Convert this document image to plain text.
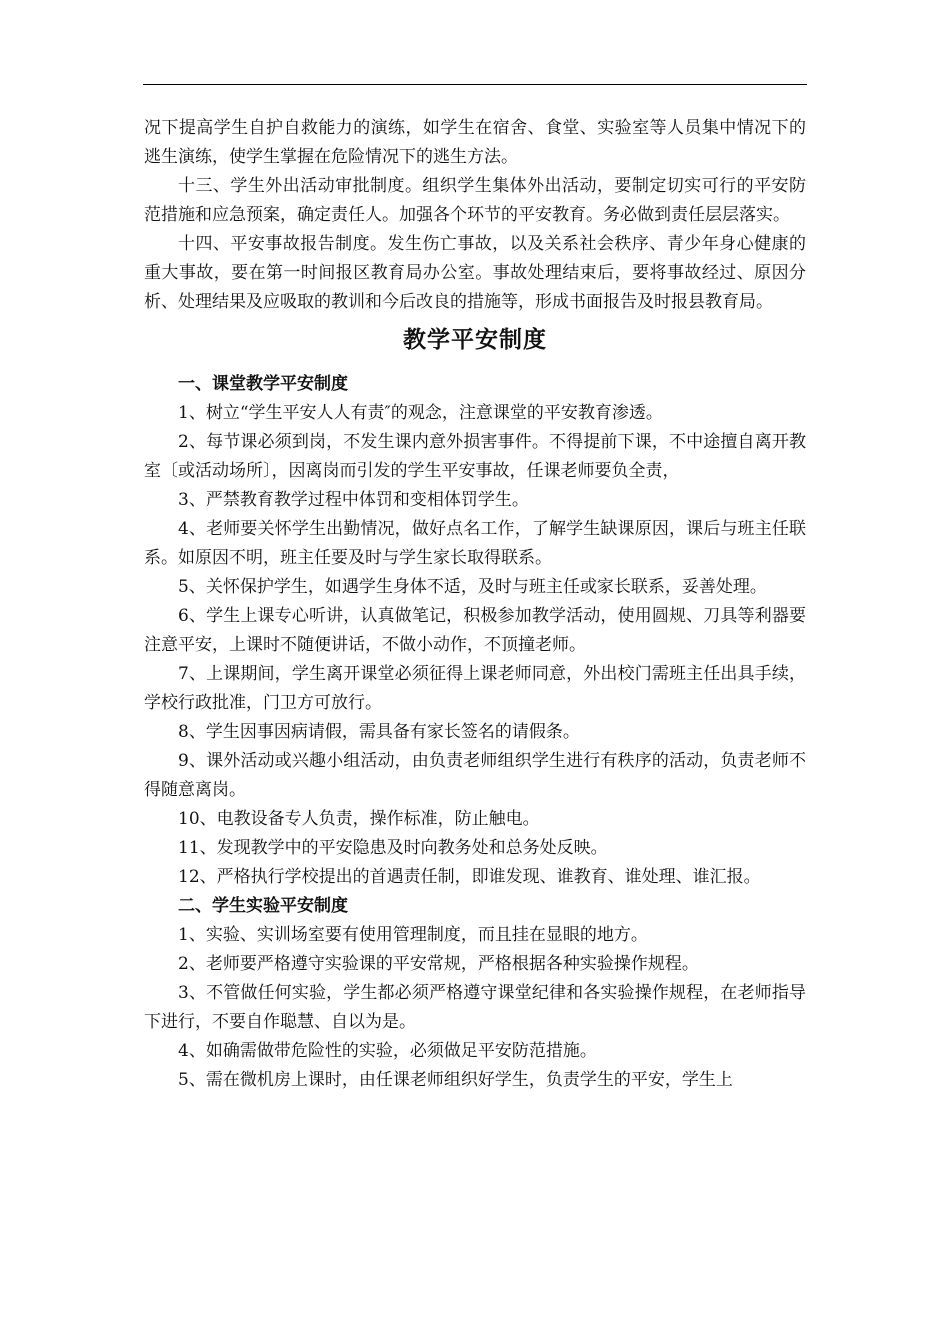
况下提高学生自护自救能力的演练，如学生在宿舍、食堂、实验室等人员集中情况下的逃生演练，使学生掌握在危险情况下的逃生方法。

十三、学生外出活动审批制度。组织学生集体外出活动，要制定切实可行的平安防范措施和应急预案，确定责任人。加强各个环节的平安教育。务必做到责任层层落实。

十四、平安事故报告制度。发生伤亡事故，以及关系社会秩序、青少年身心健康的重大事故，要在第一时间报区教育局办公室。事故处理结束后，要将事故经过、原因分析、处理结果及应吸取的教训和今后改良的措施等，形成书面报告及时报县教育局。

教学平安制度

一、课堂教学平安制度

1、树立“学生平安人人有责″的观念，注意课堂的平安教育渗透。

2、每节课必须到岗，不发生课内意外损害事件。不得提前下课，不中途擅自离开教室〔或活动场所〕，因离岗而引发的学生平安事故，任课老师要负全责，

3、严禁教育教学过程中体罚和变相体罚学生。

4、老师要关怀学生出勤情况，做好点名工作，了解学生缺课原因，课后与班主任联系。如原因不明，班主任要及时与学生家长取得联系。

5、关怀保护学生，如遇学生身体不适，及时与班主任或家长联系，妥善处理。

6、学生上课专心听讲，认真做笔记，积极参加教学活动，使用圆规、刀具等利器要注意平安，上课时不随便讲话，不做小动作，不顶撞老师。

7、上课期间，学生离开课堂必须征得上课老师同意，外出校门需班主任出具手续，学校行政批准，门卫方可放行。

8、学生因事因病请假，需具备有家长签名的请假条。

9、课外活动或兴趣小组活动，由负责老师组织学生进行有秩序的活动，负责老师不得随意离岗。

10、电教设备专人负责，操作标准，防止触电。

11、发现教学中的平安隐患及时向教务处和总务处反映。

12、严格执行学校提出的首遇责任制，即谁发现、谁教育、谁处理、谁汇报。

二、学生实验平安制度

1、实验、实训场室要有使用管理制度，而且挂在显眼的地方。

2、老师要严格遵守实验课的平安常规，严格根据各种实验操作规程。

3、不管做任何实验，学生都必须严格遵守课堂纪律和各实验操作规程，在老师指导下进行，不要自作聪慧、自以为是。

4、如确需做带危险性的实验，必须做足平安防范措施。

5、需在微机房上课时，由任课老师组织好学生，负责学生的平安，学生上
